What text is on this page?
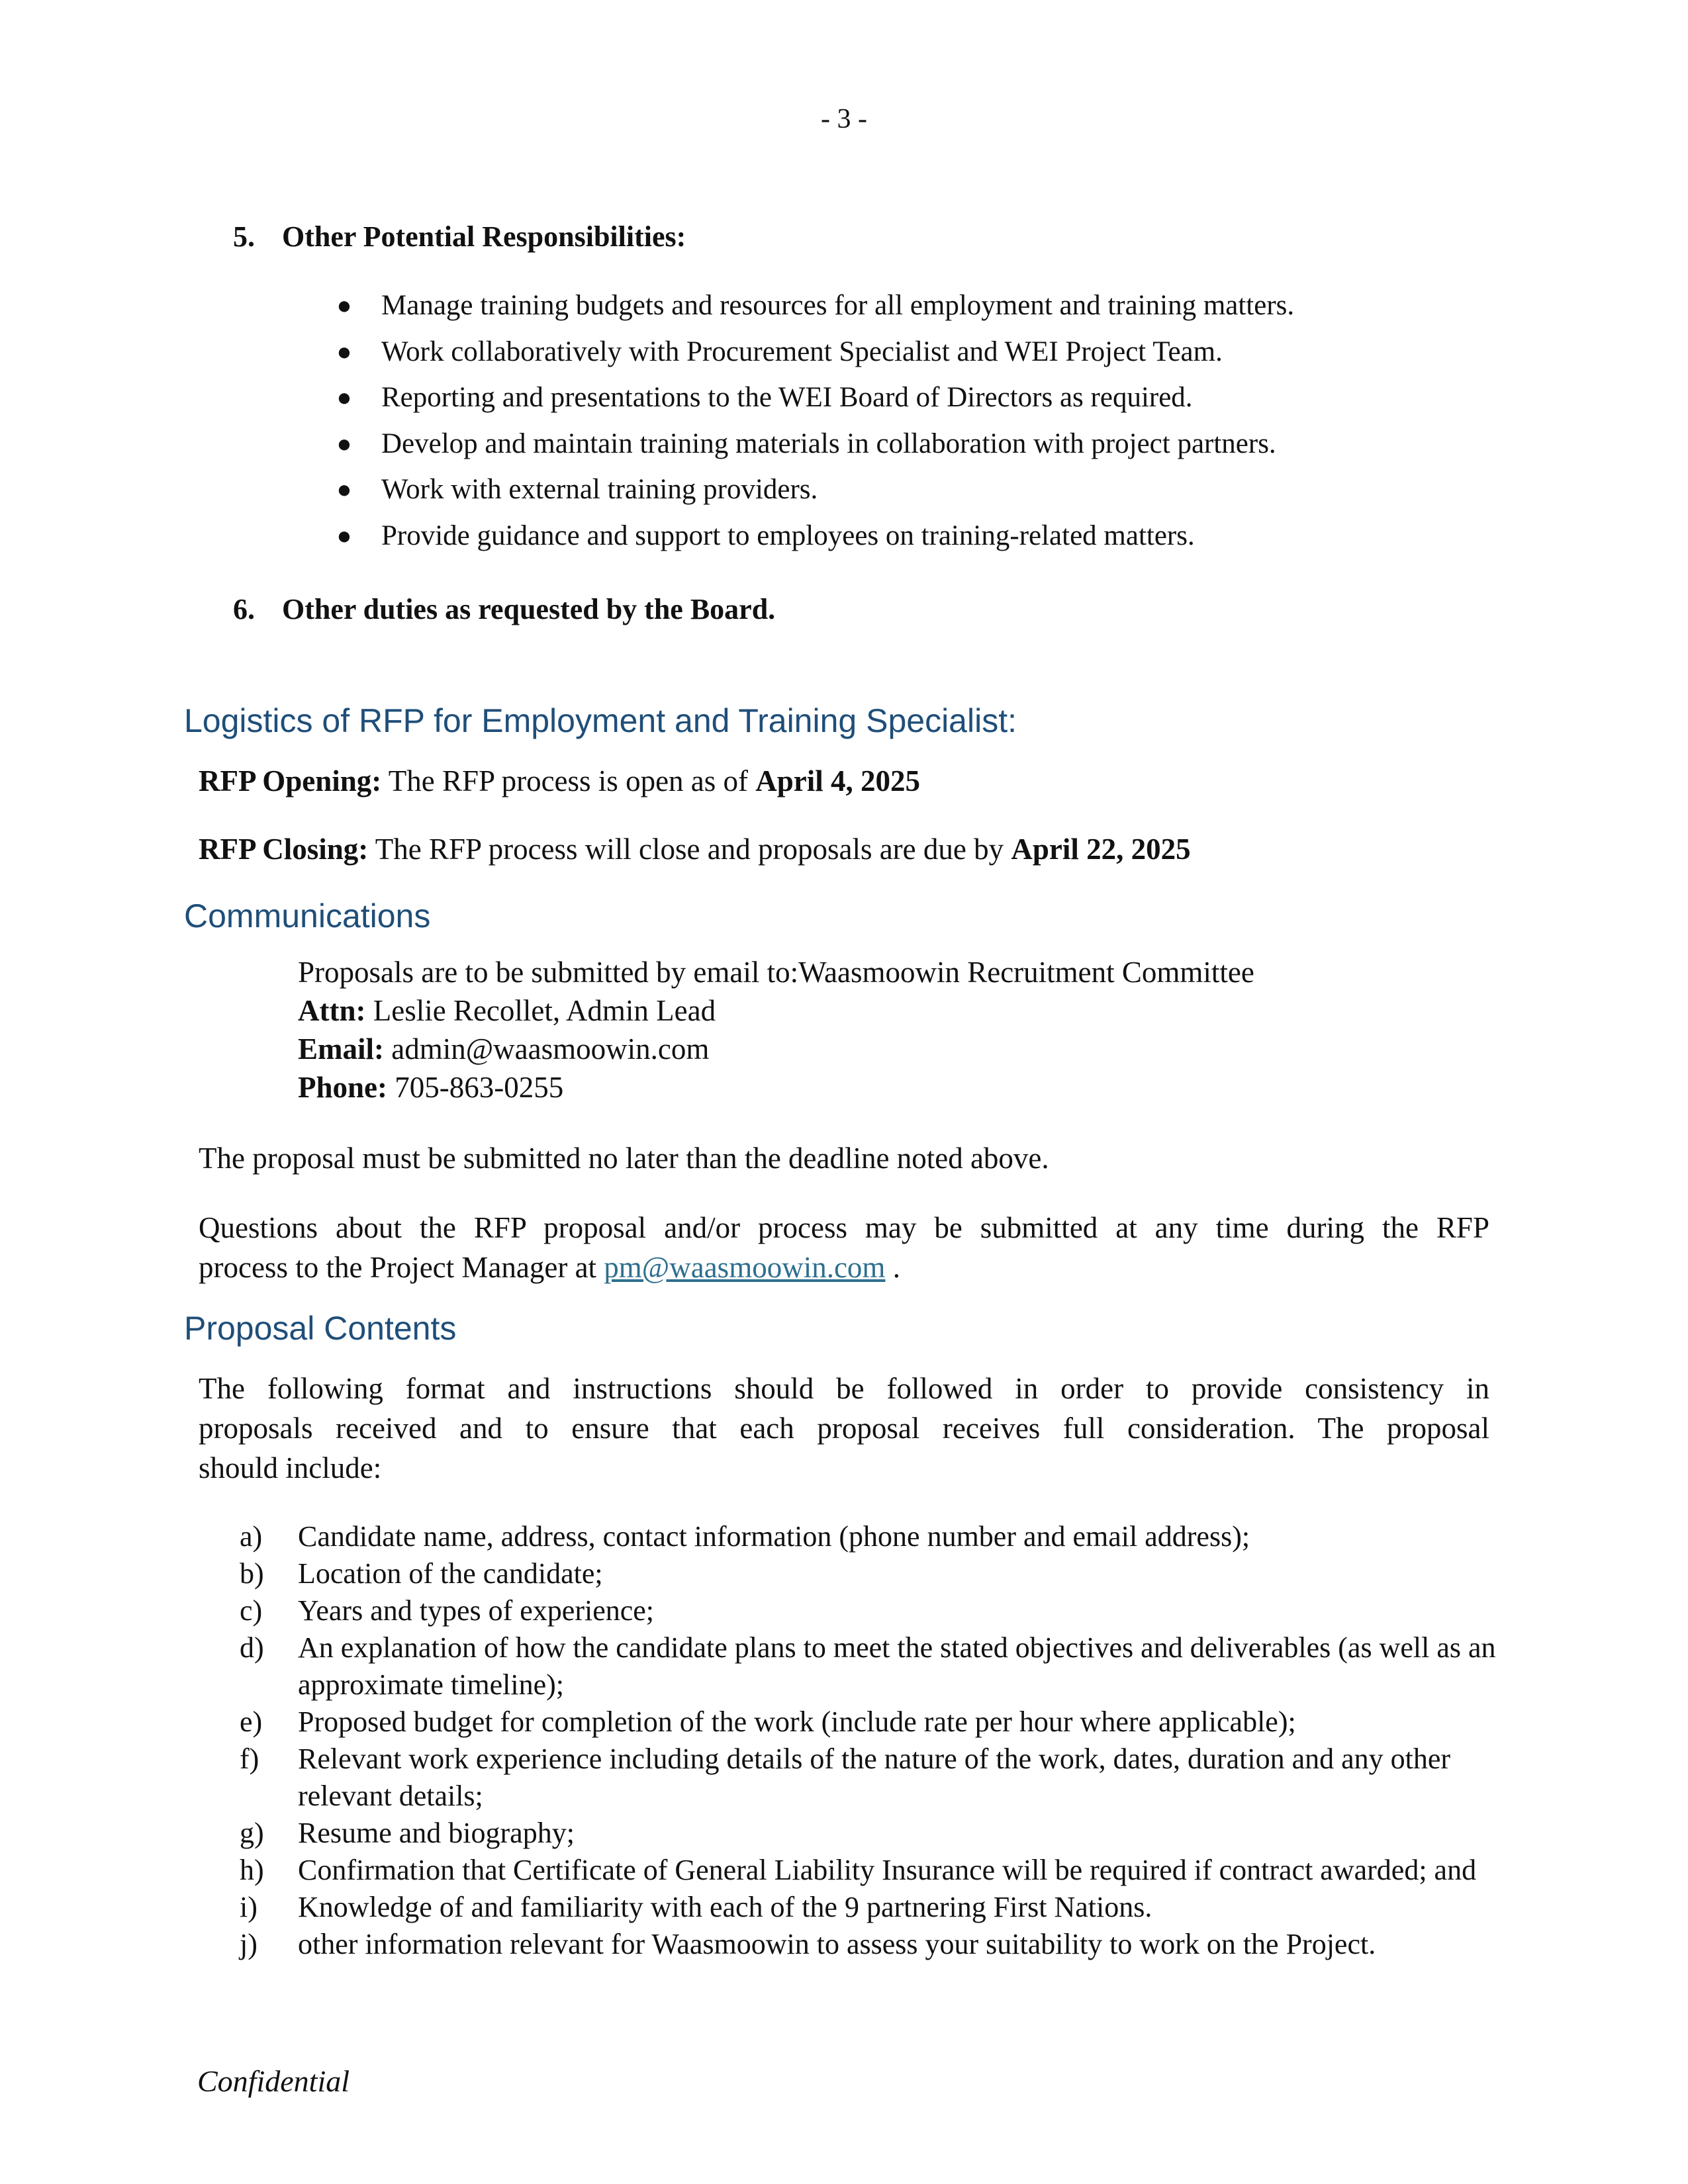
- 3 -
5. Other Potential Responsibilities:
● Manage training budgets and resources for all employment and training matters.
● Work collaboratively with Procurement Specialist and WEI Project Team.
● Reporting and presentations to the WEI Board of Directors as required.
● Develop and maintain training materials in collaboration with project partners.
● Work with external training providers.
● Provide guidance and support to employees on training-related matters.
6. Other duties as requested by the Board.
Logistics of RFP for Employment and Training Specialist:
RFP Opening: The RFP process is open as of April 4, 2025
RFP Closing: The RFP process will close and proposals are due by April 22, 2025
Communications
Proposals are to be submitted by email to:Waasmoowin Recruitment Committee
Attn: Leslie Recollet, Admin Lead
Email: admin@waasmoowin.com
Phone: 705-863-0255
The proposal must be submitted no later than the deadline noted above.
Questions about the RFP proposal and/or process may be submitted at any time during the RFP
process to the Project Manager at pm@waasmoowin.com .
Proposal Contents
The following format and instructions should be followed in order to provide consistency in
proposals received and to ensure that each proposal receives full consideration. The proposal
should include:
a)	Candidate name, address, contact information (phone number and email address);
b)	Location of the candidate;
c)	Years and types of experience;
d)	An explanation of how the candidate plans to meet the stated objectives and deliverables (as well as an approximate timeline);
e)	Proposed budget for completion of the work (include rate per hour where applicable);
f)	Relevant work experience including details of the nature of the work, dates, duration and any other relevant details;
g)	Resume and biography;
h)	Confirmation that Certificate of General Liability Insurance will be required if contract awarded; and
i)	Knowledge of and familiarity with each of the 9 partnering First Nations.
j)	other information relevant for Waasmoowin to assess your suitability to work on the Project.
Confidential
